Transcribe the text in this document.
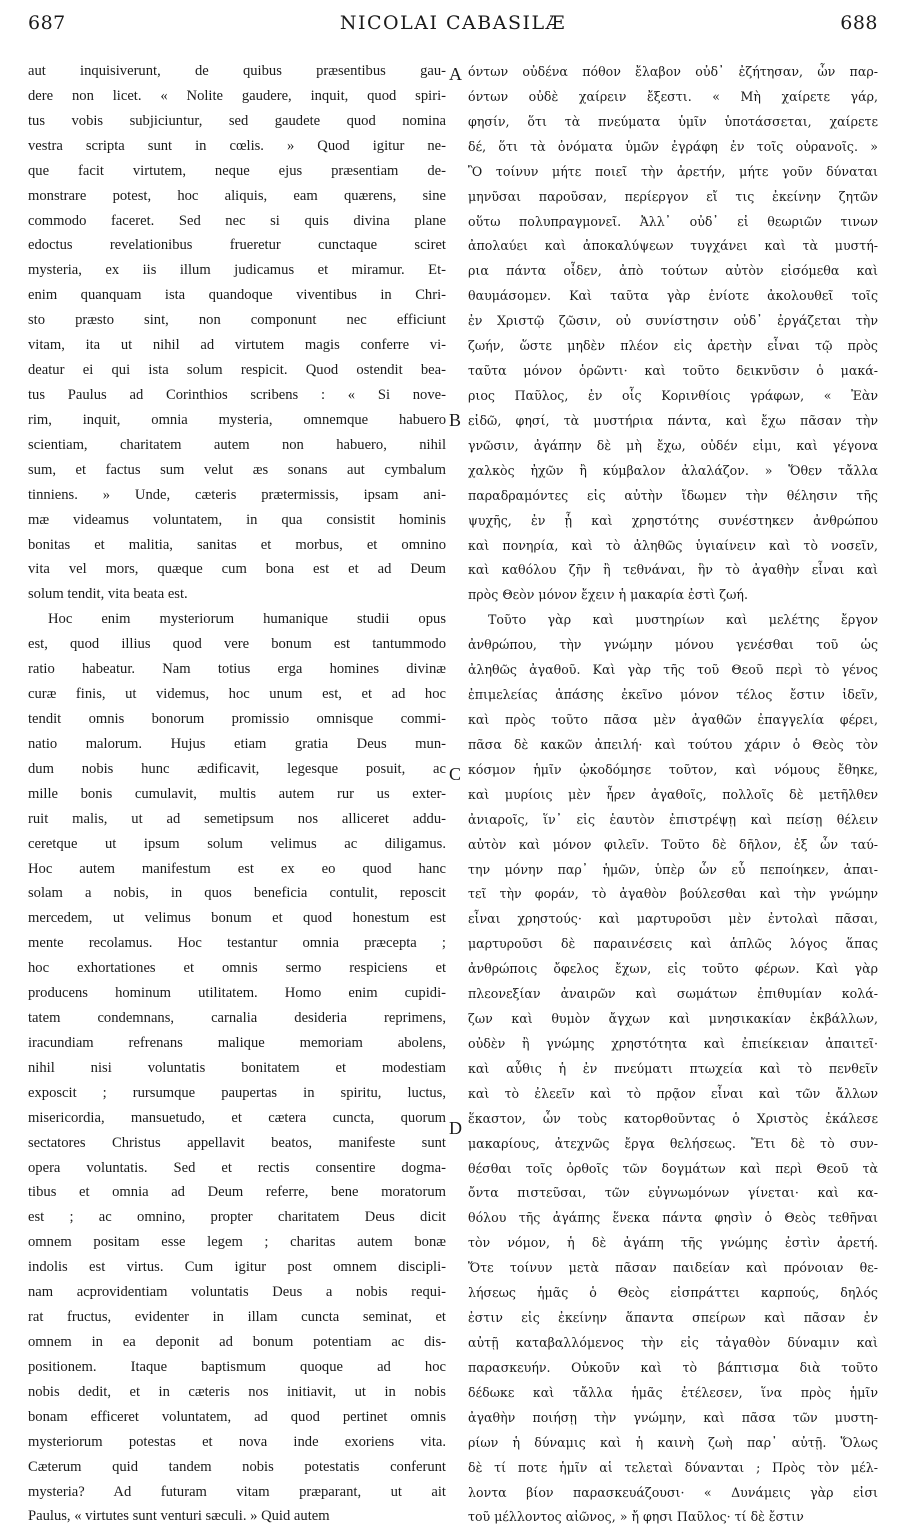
687	NICOLAI CABASILÆ	688
aut inquisiverunt, de quibus præsentibus gau-
dere non licet. « Nolite gaudere, inquit, quod spiri-
tus vobis subjiciuntur, sed gaudete quod nomina
vestra scripta sunt in cœlis. » Quod igitur ne-
que facit virtutem, neque ejus præsentiam de-
monstrare potest, hoc aliquis, eam quærens, sine
commodo faceret. Sed nec si quis divina plane
edoctus revelationibus frueretur cunctaque sciret
mysteria, ex iis illum judicamus et miramur. Et-
enim quanquam ista quandoque viventibus in Chri-
sto præsto sint, non componunt nec efficiunt
vitam, ita ut nihil ad virtutem magis conferre vi-
deatur ei qui ista solum respicit. Quod ostendit bea-
tus Paulus ad Corinthios scribens : « Si nove-
rim, inquit, omnia mysteria, omnemque habuero
scientiam, charitatem autem non habuero, nihil
sum, et factus sum velut æs sonans aut cymbalum
tinniens. » Unde, cæteris prætermissis, ipsam ani-
mæ videamus voluntatem, in qua consistit hominis
bonitas et malitia, sanitas et morbus, et omnino
vita vel mors, quæque cum bona est et ad Deum
solum tendit, vita beata est.
Hoc enim mysteriorum humanique studii opus
est, quod illius quod vere bonum est tantummodo
ratio habeatur. Nam totius erga homines divinæ
curæ finis, ut videmus, hoc unum est, et ad hoc
tendit omnis bonorum promissio omnisque commi-
natio malorum. Hujus etiam gratia Deus mun-
dum nobis hunc ædificavit, legesque posuit, ac
mille bonis cumulavit, multis autem rur us exter-
ruit malis, ut ad semetipsum nos alliceret addu-
ceretque ut ipsum solum velimus ac diligamus.
Hoc autem manifestum est ex eo quod hanc
solam a nobis, in quos beneficia contulit, reposcit
mercedem, ut velimus bonum et quod honestum est
mente recolamus. Hoc testantur omnia præcepta ;
hoc exhortationes et omnis sermo respiciens et
producens hominum utilitatem. Homo enim cupidi-
tatem condemnans, carnalia desideria reprimens,
iracundiam refrenans malique memoriam abolens,
nihil nisi voluntatis bonitatem et modestiam
exposcit ; rursumque paupertas in spiritu, luctus,
misericordia, mansuetudo, et cætera cuncta, quorum
sectatores Christus appellavit beatos, manifeste sunt
opera voluntatis. Sed et rectis consentire dogma-
tibus et omnia ad Deum referre, bene moratorum
est ; ac omnino, propter charitatem Deus dicit
omnem positam esse legem ; charitas autem bonæ
indolis est virtus. Cum igitur post omnem discipli-
nam acprovidentiam voluntatis Deus a nobis requi-
rat fructus, evidenter in illam cuncta seminat, et
omnem in ea deponit ad bonum potentiam ac dis-
positionem. Itaque baptismum quoque ad hoc
nobis dedit, et in cæteris nos initiavit, ut in nobis
bonam efficeret voluntatem, ad quod pertinet omnis
mysteriorum potestas et nova inde exoriens vita.
Cæterum quid tandem nobis potestatis conferunt
mysteria? Ad futuram vitam præparant, ut ait
Paulus, « virtutes sunt venturi sæculi. » Quid autem
A
B
C
D
όντων οὐδένα πόθον ἔλαβον οὐδ᾽ ἐζήτησαν, ὧν παρ-
όντων οὐδὲ χαίρειν ἔξεστι. « Μὴ χαίρετε γάρ,
φησίν, ὅτι τὰ πνεύματα ὑμῖν ὑποτάσσεται, χαίρετε
δέ, ὅτι τὰ ὀνόματα ὑμῶν ἐγράφη ἐν τοῖς οὐρανοῖς. »
Ὃ τοίνυν μήτε ποιεῖ τὴν ἀρετήν, μήτε γοῦν δύναται
μηνῦσαι παροῦσαν, περίεργον εἴ τις ἐκείνην ζητῶν
οὕτω πολυπραγμονεῖ. Ἀλλ᾽ οὐδ᾽ εἰ θεωριῶν τινων
ἀπολαύει καὶ ἀποκαλύψεων τυγχάνει καὶ τὰ μυστή-
ρια πάντα οἶδεν, ἀπὸ τούτων αὐτὸν εἰσόμεθα καὶ
θαυμάσομεν. Καὶ ταῦτα γὰρ ἐνίοτε ἀκολουθεῖ τοῖς
ἐν Χριστῷ ζῶσιν, οὐ συνίστησιν οὐδ᾽ ἐργάζεται τὴν
ζωήν, ὥστε μηδὲν πλέον εἰς ἀρετὴν εἶναι τῷ πρὸς
ταῦτα μόνον ὁρῶντι· καὶ τοῦτο δεικνῦσιν ὁ μακά-
ριος Παῦλος, ἐν οἷς Κορινθίοις γράφων, « Ἐὰν
εἰδῶ, φησί, τὰ μυστήρια πάντα, καὶ ἔχω πᾶσαν τὴν
γνῶσιν, ἀγάπην δὲ μὴ ἔχω, οὐδέν εἰμι, καὶ γέγονα
χαλκὸς ἠχῶν ἢ κύμβαλον ἀλαλάζον. » Ὅθεν τἄλλα
παραδραμόντες εἰς αὐτὴν ἴδωμεν τὴν θέλησιν τῆς
ψυχῆς, ἐν ᾗ καὶ χρηστότης συνέστηκεν ἀνθρώπου
καὶ πονηρία, καὶ τὸ ἀληθῶς ὑγιαίνειν καὶ τὸ νοσεῖν,
καὶ καθόλου ζῆν ἢ τεθνάναι, ἣν τὸ ἀγαθὴν εἶναι καὶ
πρὸς Θεὸν μόνον ἔχειν ἡ μακαρία ἐστὶ ζωή.
Τοῦτο γὰρ καὶ μυστηρίων καὶ μελέτης ἔργον
ἀνθρώπου, τὴν γνώμην μόνου γενέσθαι τοῦ ὡς
ἀληθῶς ἀγαθοῦ. Καὶ γὰρ τῆς τοῦ Θεοῦ περὶ τὸ γένος
ἐπιμελείας ἁπάσης ἐκεῖνο μόνον τέλος ἔστιν ἰδεῖν,
καὶ πρὸς τοῦτο πᾶσα μὲν ἀγαθῶν ἐπαγγελία φέρει,
πᾶσα δὲ κακῶν ἀπειλή· καὶ τούτου χάριν ὁ Θεὸς τὸν
κόσμον ἡμῖν ᾠκοδόμησε τοῦτον, καὶ νόμους ἔθηκε,
καὶ μυρίοις μὲν ἦρεν ἀγαθοῖς, πολλοῖς δὲ μετῆλθεν
ἀνιαροῖς, ἵν᾽ εἰς ἑαυτὸν ἐπιστρέψῃ καὶ πείσῃ θέλειν
αὐτὸν καὶ μόνον φιλεῖν. Τοῦτο δὲ δῆλον, ἐξ ὧν ταύ-
την μόνην παρ᾽ ἡμῶν, ὑπὲρ ὧν εὖ πεποίηκεν, ἀπαι-
τεῖ τὴν φοράν, τὸ ἀγαθὸν βούλεσθαι καὶ τὴν γνώμην
εἶναι χρηστούς· καὶ μαρτυροῦσι μὲν ἐντολαὶ πᾶσαι,
μαρτυροῦσι δὲ παραινέσεις καὶ ἁπλῶς λόγος ἅπας
ἀνθρώποις ὄφελος ἔχων, εἰς τοῦτο φέρων. Καὶ γὰρ
πλεονεξίαν ἀναιρῶν καὶ σωμάτων ἐπιθυμίαν κολά-
ζων καὶ θυμὸν ἄγχων καὶ μνησικακίαν ἐκβάλλων,
οὐδὲν ἢ γνώμης χρηστότητα καὶ ἐπιείκειαν ἀπαιτεῖ·
καὶ αὖθις ἡ ἐν πνεύματι πτωχεία καὶ τὸ πενθεῖν
καὶ τὸ ἐλεεῖν καὶ τὸ πρᾷον εἶναι καὶ τῶν ἄλλων
ἕκαστον, ὧν τοὺς κατορθοῦντας ὁ Χριστὸς ἐκάλεσε
μακαρίους, ἀτεχνῶς ἔργα θελήσεως. Ἔτι δὲ τὸ συν-
θέσθαι τοῖς ὀρθοῖς τῶν δογμάτων καὶ περὶ Θεοῦ τὰ
ὄντα πιστεῦσαι, τῶν εὐγνωμόνων γίνεται· καὶ κα-
θόλου τῆς ἀγάπης ἕνεκα πάντα φησὶν ὁ Θεὸς τεθῆναι
τὸν νόμον, ἡ δὲ ἀγάπη τῆς γνώμης ἐστὶν ἀρετή.
Ὅτε τοίνυν μετὰ πᾶσαν παιδείαν καὶ πρόνοιαν θε-
λήσεως ἡμᾶς ὁ Θεὸς εἰσπράττει καρπούς, δηλός
ἐστιν εἰς ἐκείνην ἅπαντα σπείρων καὶ πᾶσαν ἐν
αὐτῇ καταβαλλόμενος τὴν εἰς τἀγαθὸν δύναμιν καὶ
παρασκευήν. Οὐκοῦν καὶ τὸ βάπτισμα διὰ τοῦτο
δέδωκε καὶ τἄλλα ἡμᾶς ἐτέλεσεν, ἵνα πρὸς ἡμῖν
ἀγαθὴν ποιήσῃ τὴν γνώμην, καὶ πᾶσα τῶν μυστη-
ρίων ἡ δύναμις καὶ ἡ καινὴ ζωὴ παρ᾽ αὐτῇ. Ὅλως
δὲ τί ποτε ἡμῖν αἱ τελεταὶ δύνανται ; Πρὸς τὸν μέλ-
λοντα βίον παρασκευάζουσι· « Δυνάμεις γὰρ εἰσι
τοῦ μέλλοντος αἰῶνος, » ἤ φησι Παῦλος· τί δὲ ἔστιν
